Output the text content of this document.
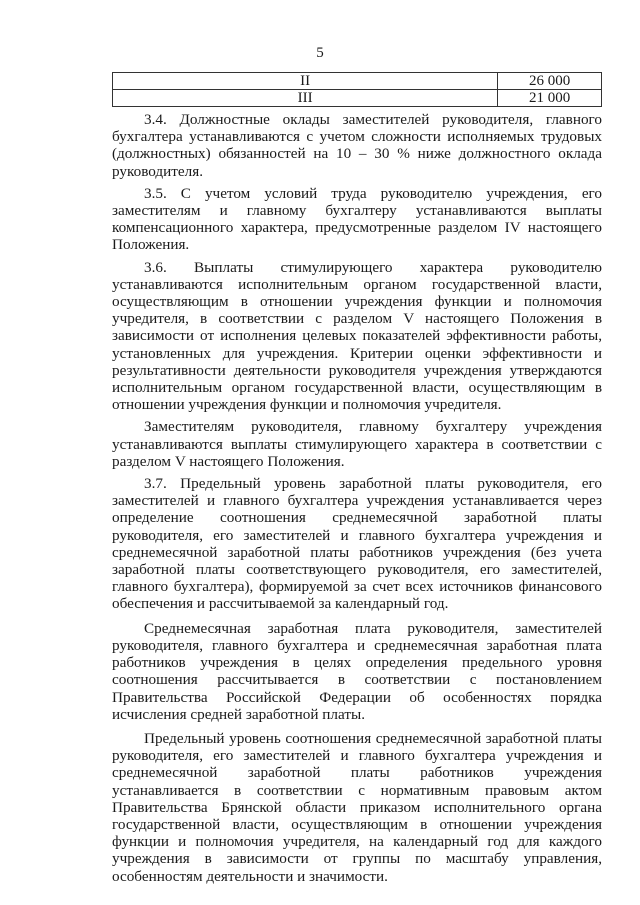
5
II	26 000
III	21 000

3.4. Должностные оклады заместителей руководителя, главного бухгалтера устанавливаются с учетом сложности исполняемых трудовых (должностных) обязанностей на 10 – 30 % ниже должностного оклада руководителя.

3.5. С учетом условий труда руководителю учреждения, его заместителям и главному бухгалтеру устанавливаются выплаты компенсационного характера, предусмотренные разделом IV настоящего Положения.

3.6. Выплаты стимулирующего характера руководителю устанавливаются исполнительным органом государственной власти, осуществляющим в отношении учреждения функции и полномочия учредителя, в соответствии с разделом V настоящего Положения в зависимости от исполнения целевых показателей эффективности работы, установленных для учреждения. Критерии оценки эффективности и результативности деятельности руководителя учреждения утверждаются исполнительным органом государственной власти, осуществляющим в отношении учреждения функции и полномочия учредителя.

Заместителям руководителя, главному бухгалтеру учреждения устанавливаются выплаты стимулирующего характера в соответствии с разделом V настоящего Положения.

3.7. Предельный уровень заработной платы руководителя, его заместителей и главного бухгалтера учреждения устанавливается через определение соотношения среднемесячной заработной платы руководителя, его заместителей и главного бухгалтера учреждения и среднемесячной заработной платы работников учреждения (без учета заработной платы соответствующего руководителя, его заместителей, главного бухгалтера), формируемой за счет всех источников финансового обеспечения и рассчитываемой за календарный год.

Среднемесячная заработная плата руководителя, заместителей руководителя, главного бухгалтера и среднемесячная заработная плата работников учреждения в целях определения предельного уровня соотношения рассчитывается в соответствии с постановлением Правительства Российской Федерации об особенностях порядка исчисления средней заработной платы.

Предельный уровень соотношения среднемесячной заработной платы руководителя, его заместителей и главного бухгалтера учреждения и среднемесячной заработной платы работников учреждения устанавливается в соответствии с нормативным правовым актом Правительства Брянской области приказом исполнительного органа государственной власти, осуществляющим в отношении учреждения функции и полномочия учредителя, на календарный год для каждого учреждения в зависимости от группы по масштабу управления, особенностям деятельности и значимости.
